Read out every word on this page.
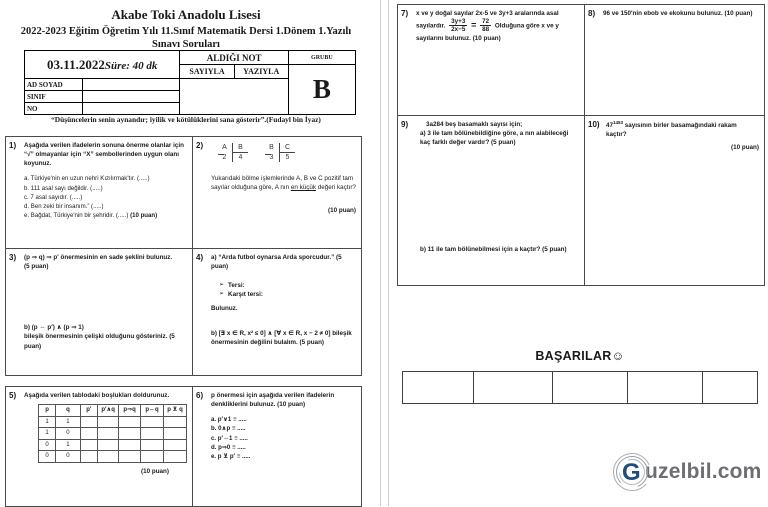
Akabe Toki Anadolu Lisesi
2022-2023 Eğitim Öğretim Yılı 11.Sınıf Matematik Dersi 1.Dönem 1.Yazılı
Sınavı Soruları
03.11.2022Süre: 40 dk		ALDIĞI NOT		GRUBU
		SAYIYLA	YAZIYLA	B
AD SOYAD				
SINIF				
NO				
“Düşüncelerin senin aynandır; iyilik ve kötülüklerini sana gösterir”.(Fudayl bin İyaz)
1)	Aşağıda verilen ifadelerin sonuna önerme olanlar için “√” olmayanlar için “X” sembollerinden uygun olanı koyunuz.
a. Türkiye'nin en uzun nehri Kızılırmak'tır. (.....)
b. 111 asal sayı değildir. (.....)
c. 7 asal sayıdır. (.....)
d. Ben zeki bir insanım.” (.....)
e. Bağdat, Türkiye'nin bir şehridir. (.....) (10 puan)
2)	A	B
2	4
B	C
3	5
Yukarıdaki bölme işlemlerinde A, B ve C pozitif tam sayılar olduğuna göre, A nın en küçük değeri kaçtır?
(10 puan)
3)	(p ⇒ q) ⇒ p′ önermesinin en sade şeklini bulunuz.
(5 puan)
b) (p ⇔ p′) ∧ (p ⇒ 1)
bileşik önermesinin çelişki olduğunu gösteriniz. (5 puan)
4)	a) “Arda futbol oynarsa Arda sporcudur.” (5 puan)
➢ Tersi:
➢ Karşıt tersi:
Bulunuz.
b) [∃ x ∈ R, x² ≤ 0] ∧ [∀ x ∈ R, x − 2 ≠ 0] bileşik önermesinin değilini bulalım. (5 puan)
5)	Aşağıda verilen tablodaki boşlukları doldurunuz.
p	q	p′	p′∧q	p⇒q	p⇔q	p ⊻ q
1	1					
1	0					
0	1					
0	0					
(10 puan)
6)	p önermesi için aşağıda verilen ifadelerin denkliklerini bulunuz. (10 puan)
a. p′∨1 ≡ .....
b. 0∧p ≡ .....
c. p′⇔1 ≡ .....
d. p⇒0 ≡ .....
e. p ⊻ p′ ≡ .....
7)	x ve y doğal sayılar 2x-5 ve 3y+3 aralarında asal sayılardır. $\frac{3y+3}{2x-5} = \frac{72}{88}$ Olduğuna göre x ve y sayılarını bulunuz. (10 puan)
8)	96 ve 150'nin ebob ve ekokunu bulunuz. (10 puan)
9)	3a284 beş basamaklı sayısı için;
a) 3 ile tam bölünebildiğine göre, a nın alabileceği kaç farklı değer vardır? (5 puan)
b) 11 ile tam bölünebilmesi için a kaçtır? (5 puan)
10)	$47^{1453}$ sayısının birler basamağındaki rakam kaçtır?
(10 puan)
BAŞARILAR☺
G uzelbil.com
